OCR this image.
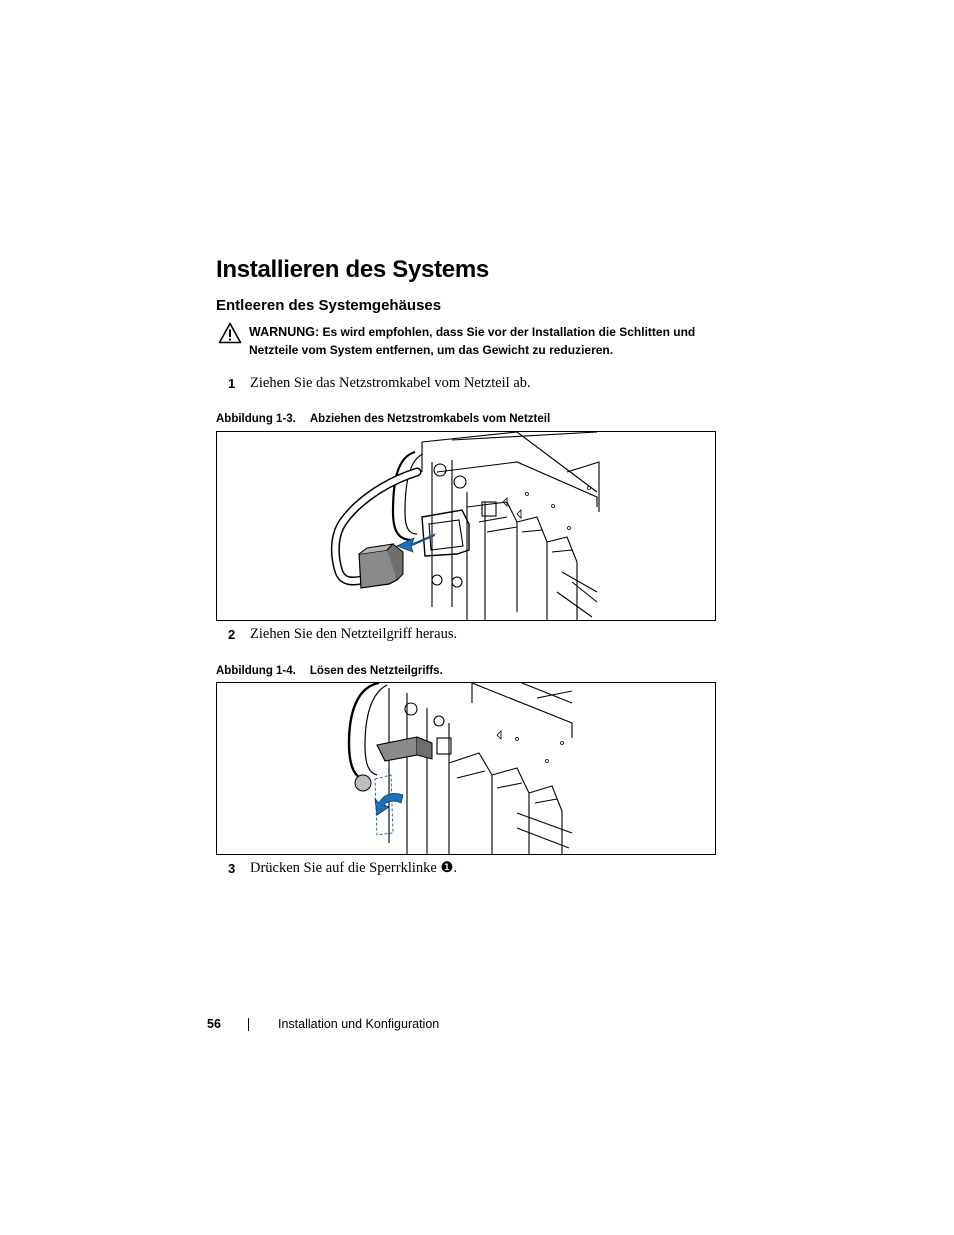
Installieren des Systems
Entleeren des Systemgehäuses
WARNUNG: Es wird empfohlen, dass Sie vor der Installation die Schlitten und Netzteile vom System entfernen, um das Gewicht zu reduzieren.
1 Ziehen Sie das Netzstromkabel vom Netzteil ab.
Abbildung 1-3. Abziehen des Netzstromkabels vom Netzteil
2 Ziehen Sie den Netzteilgriff heraus.
Abbildung 1-4. Lösen des Netzteilgriffs.
3 Drücken Sie auf die Sperrklinke ❶.
56	Installation und Konfiguration
